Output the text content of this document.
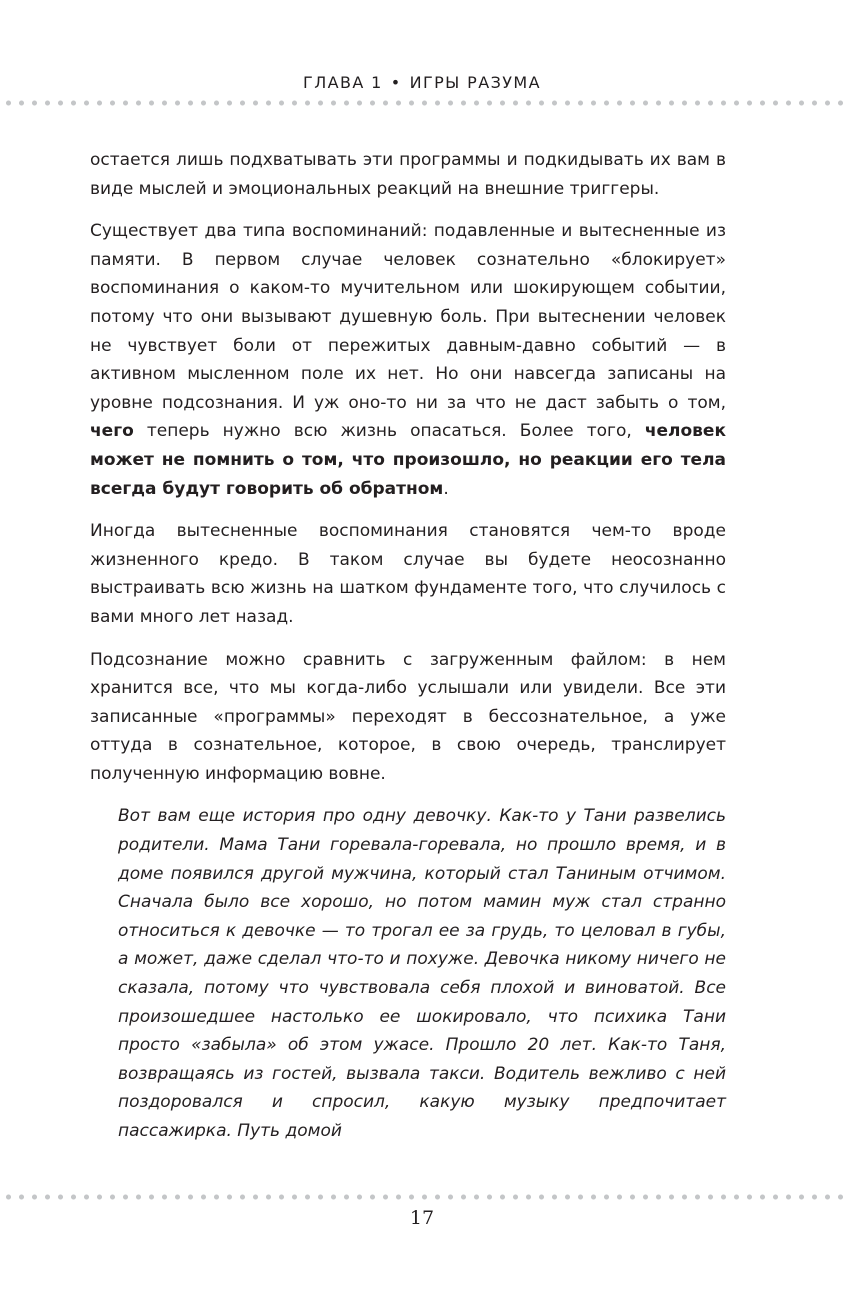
ГЛАВА 1 • ИГРЫ РАЗУМА

остается лишь подхватывать эти программы и подкидывать их вам в виде мыслей и эмоциональных реакций на внешние триггеры.

Существует два типа воспоминаний: подавленные и вытесненные из памяти. В первом случае человек сознательно «блокирует» воспоминания о каком-то мучительном или шокирующем событии, потому что они вызывают душевную боль. При вытеснении человек не чувствует боли от пережитых давным-давно событий — в активном мысленном поле их нет. Но они навсегда записаны на уровне подсознания. И уж оно-то ни за что не даст забыть о том, чего теперь нужно всю жизнь опасаться. Более того, человек может не помнить о том, что произошло, но реакции его тела всегда будут говорить об обратном.

Иногда вытесненные воспоминания становятся чем-то вроде жизненного кредо. В таком случае вы будете неосознанно выстраивать всю жизнь на шатком фундаменте того, что случилось с вами много лет назад.

Подсознание можно сравнить с загруженным файлом: в нем хранится все, что мы когда-либо услышали или увидели. Все эти записанные «программы» переходят в бессознательное, а уже оттуда в сознательное, которое, в свою очередь, транслирует полученную информацию вовне.

Вот вам еще история про одну девочку. Как-то у Тани развелись родители. Мама Тани горевала-горевала, но прошло время, и в доме появился другой мужчина, который стал Таниным отчимом. Сначала было все хорошо, но потом мамин муж стал странно относиться к девочке — то трогал ее за грудь, то целовал в губы, а может, даже сделал что-то и похуже. Девочка никому ничего не сказала, потому что чувствовала себя плохой и виноватой. Все произошедшее настолько ее шокировало, что психика Тани просто «забыла» об этом ужасе. Прошло 20 лет. Как-то Таня, возвращаясь из гостей, вызвала такси. Водитель вежливо с ней поздоровался и спросил, какую музыку предпочитает пассажирка. Путь домой

17
